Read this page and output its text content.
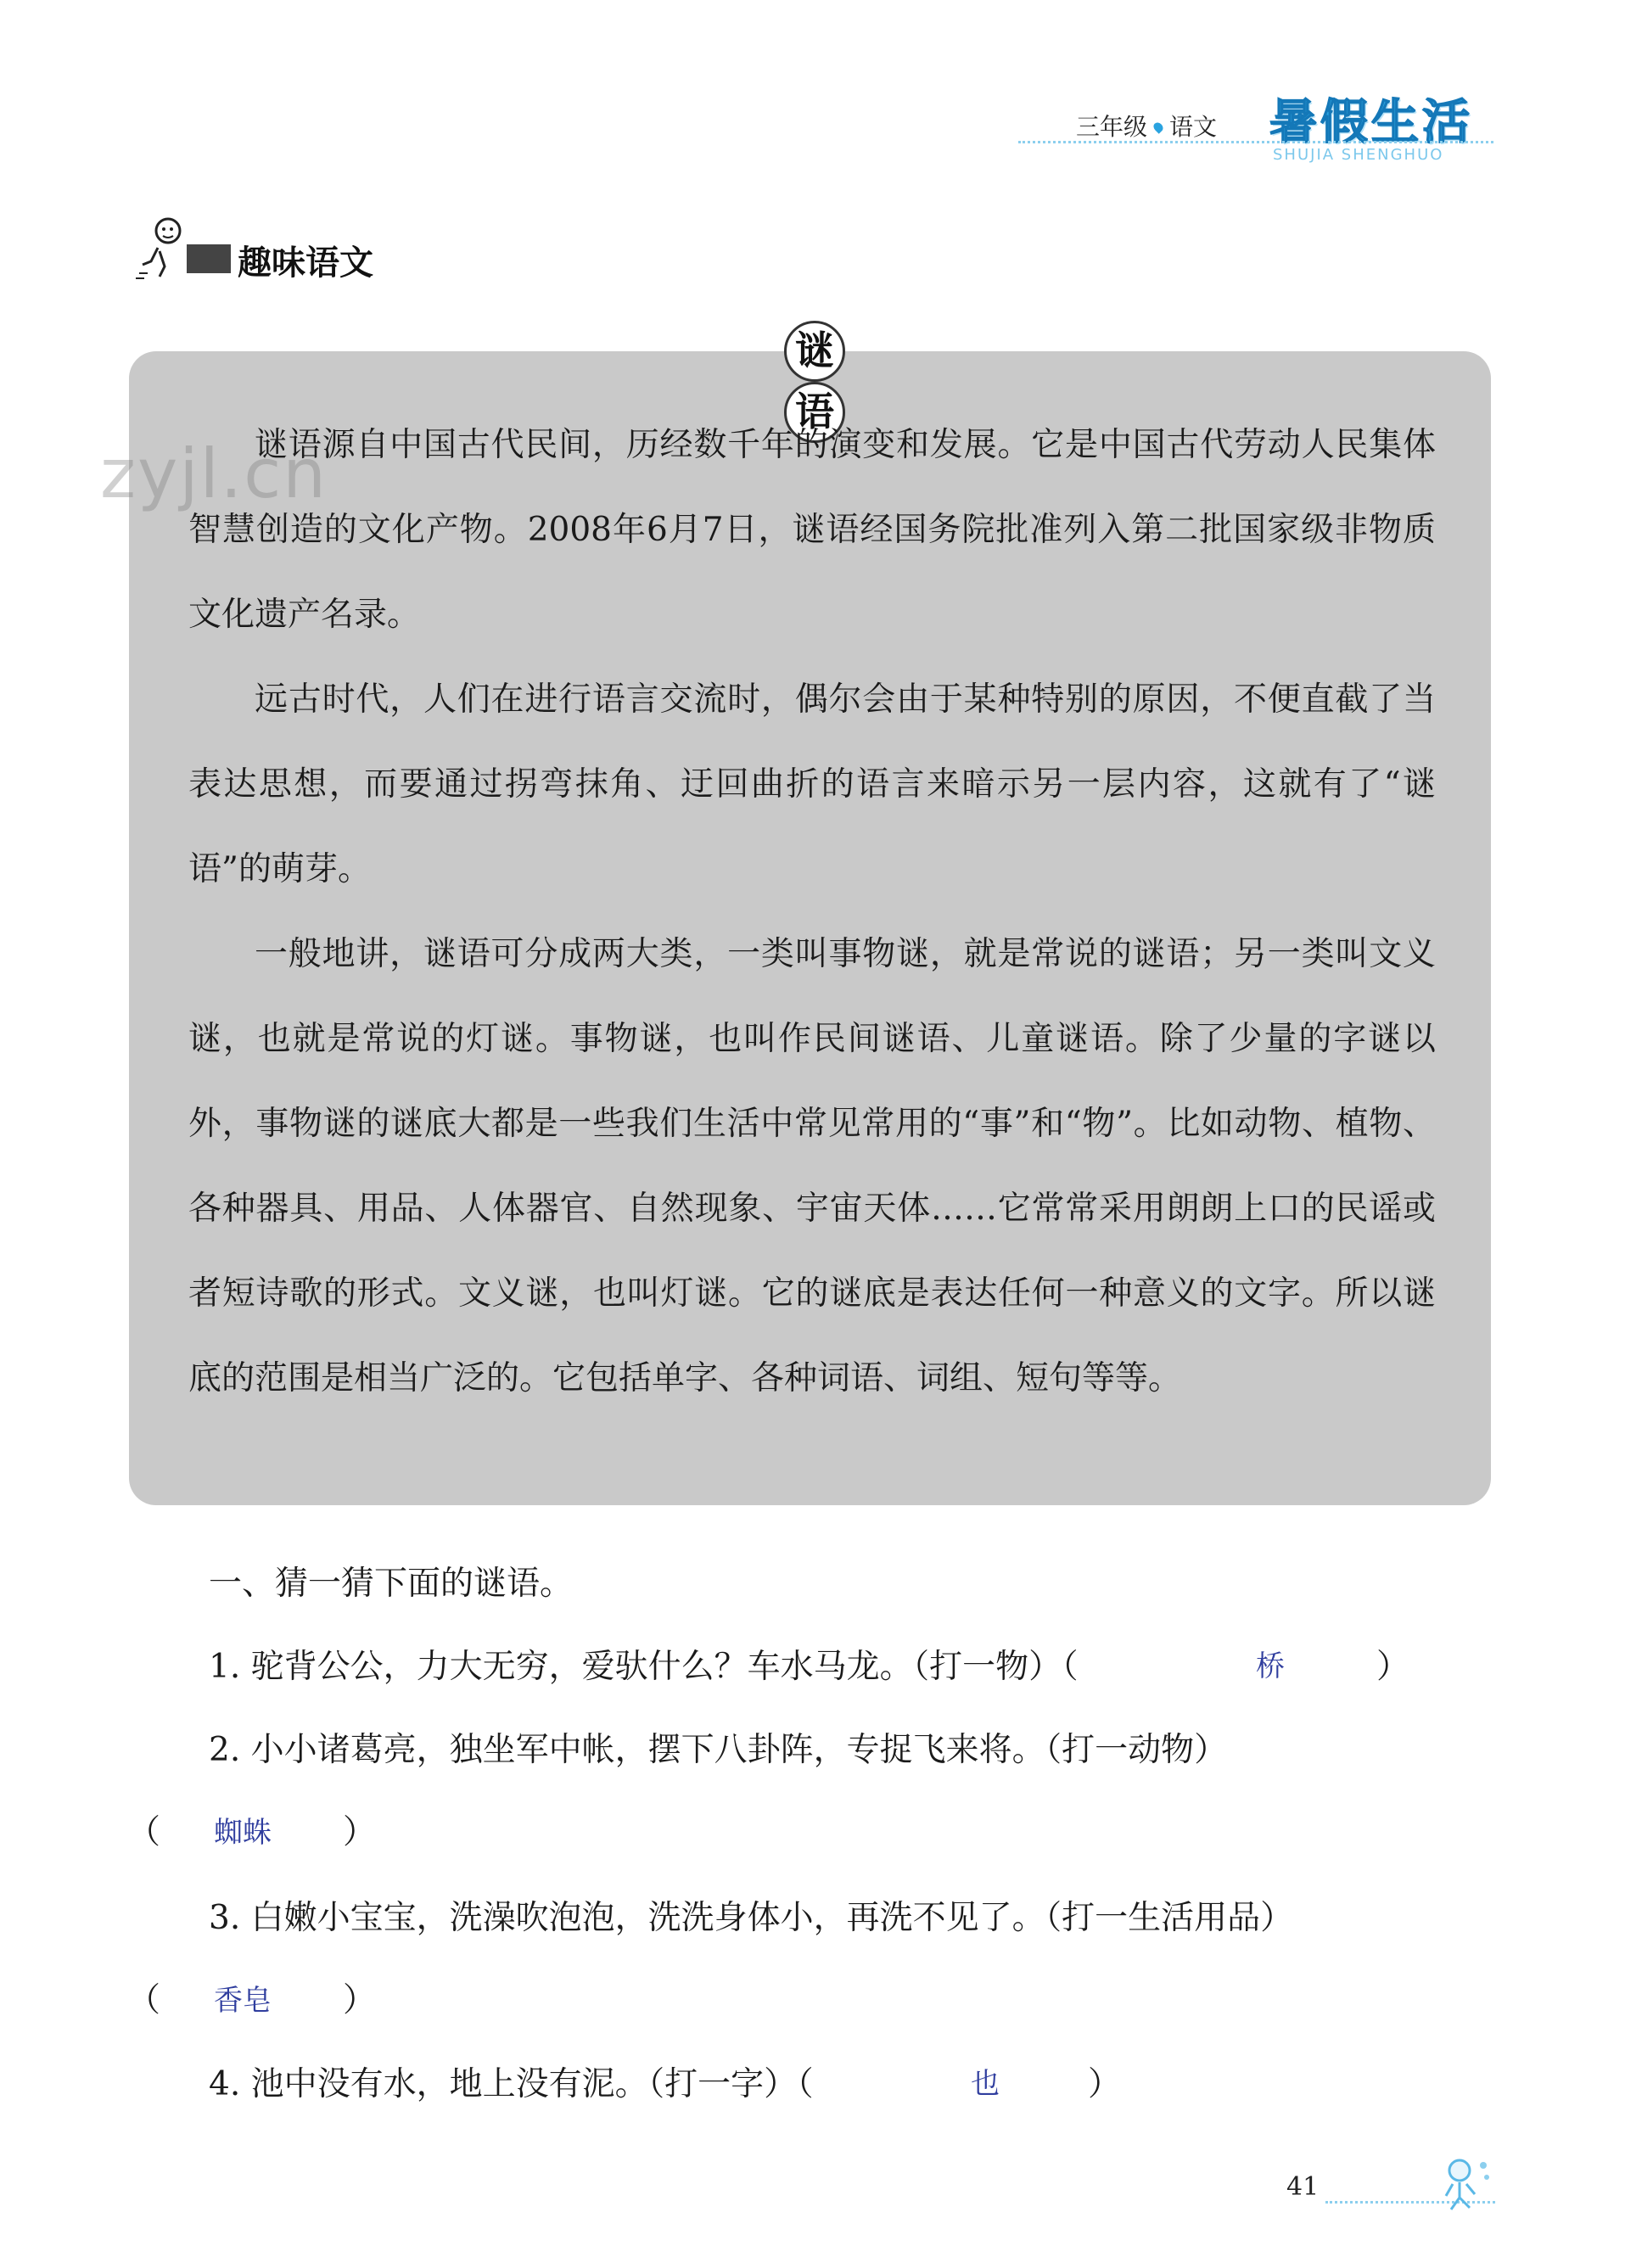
三年级 语文 暑假生活
SHUJIA SHENGHUO
趣味语文
zyjl.cn
谜语
谜语源自中国古代民间，历经数千年的演变和发展。它是中国古代劳动人民集体智慧创造的文化产物。2008年6月7日，谜语经国务院批准列入第二批国家级非物质文化遗产名录。
远古时代，人们在进行语言交流时，偶尔会由于某种特别的原因，不便直截了当表达思想，而要通过拐弯抹角、迂回曲折的语言来暗示另一层内容，这就有了“谜语”的萌芽。
一般地讲，谜语可分成两大类，一类叫事物谜，就是常说的谜语；另一类叫文义谜，也就是常说的灯谜。事物谜，也叫作民间谜语、儿童谜语。除了少量的字谜以外，事物谜的谜底大都是一些我们生活中常见常用的“事”和“物”。比如动物、植物、各种器具、用品、人体器官、自然现象、宇宙天体……它常常采用朗朗上口的民谣或者短诗歌的形式。文义谜，也叫灯谜。它的谜底是表达任何一种意义的文字。所以谜底的范围是相当广泛的。它包括单字、各种词语、词组、短句等等。
一、猜一猜下面的谜语。
1. 驼背公公，力大无穷，爱驮什么？车水马龙。（打一物）（	桥	）
2. 小小诸葛亮，独坐军中帐，摆下八卦阵，专捉飞来将。（打一动物）
（ 蜘蛛 ）
3. 白嫩小宝宝，洗澡吹泡泡，洗洗身体小，再洗不见了。（打一生活用品）
（ 香皂 ）
4. 池中没有水，地上没有泥。（打一字）（	也	）
41
